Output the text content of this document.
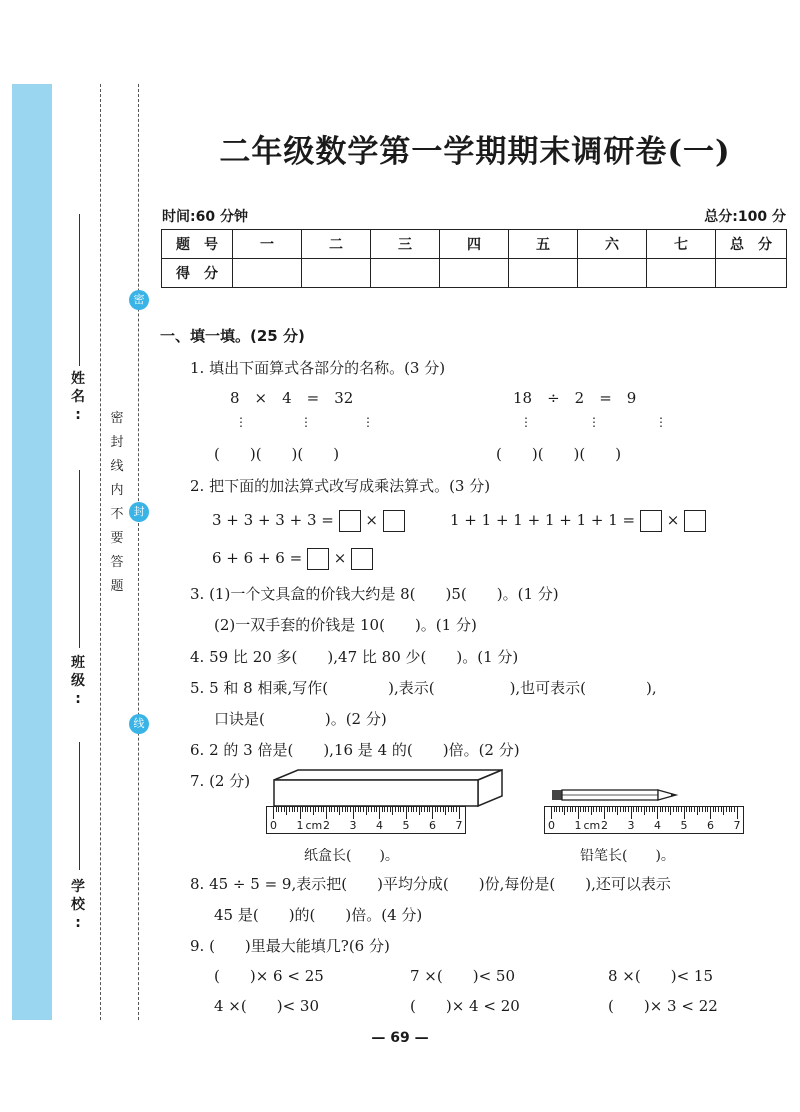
学
校
:
班
级
:
姓
名
:	密
封
线
内
不
要
答
题
密
封
线
二年级数学第一学期期末调研卷(一)
时间:60 分钟	总分:100 分
题　号	一	二	三	四	五	六	七	总　分
得　分								
一、填一填。(25 分)
1. 填出下面算式各部分的名称。(3 分)
8　×　4　=　32	18　÷　2　=　9
⋮	⋮	⋮	⋮	⋮	⋮
(　　)(　　)(　　)	(　　)(　　)(　　)
2. 把下面的加法算式改写成乘法算式。(3 分)
3 + 3 + 3 + 3 = ×	1 + 1 + 1 + 1 + 1 + 1 = ×
6 + 6 + 6 = ×
3. (1)一个文具盒的价钱大约是 8(　　)5(　　)。(1 分)
(2)一双手套的价钱是 10(　　)。(1 分)
4. 59 比 20 多(　　),47 比 80 少(　　)。(1 分)
5. 5 和 8 相乘,写作(　　　　),表示(　　　　　),也可表示(　　　　),
口诀是(　　　　)。(2 分)
6. 2 的 3 倍是(　　),16 是 4 的(　　)倍。(2 分)
7. (2 分)
0 1 cm 2 3 4 5 6 7	0 1 cm 2 3 4 5 6 7
纸盒长(　　)。	铅笔长(　　)。
8. 45 ÷ 5 = 9,表示把(　　)平均分成(　　)份,每份是(　　),还可以表示
45 是(　　)的(　　)倍。(4 分)
9. (　　)里最大能填几?(6 分)
(　　)× 6 < 25	7 ×(　　)< 50	8 ×(　　)< 15
4 ×(　　)< 30	(　　)× 4 < 20	(　　)× 3 < 22
— 69 —
